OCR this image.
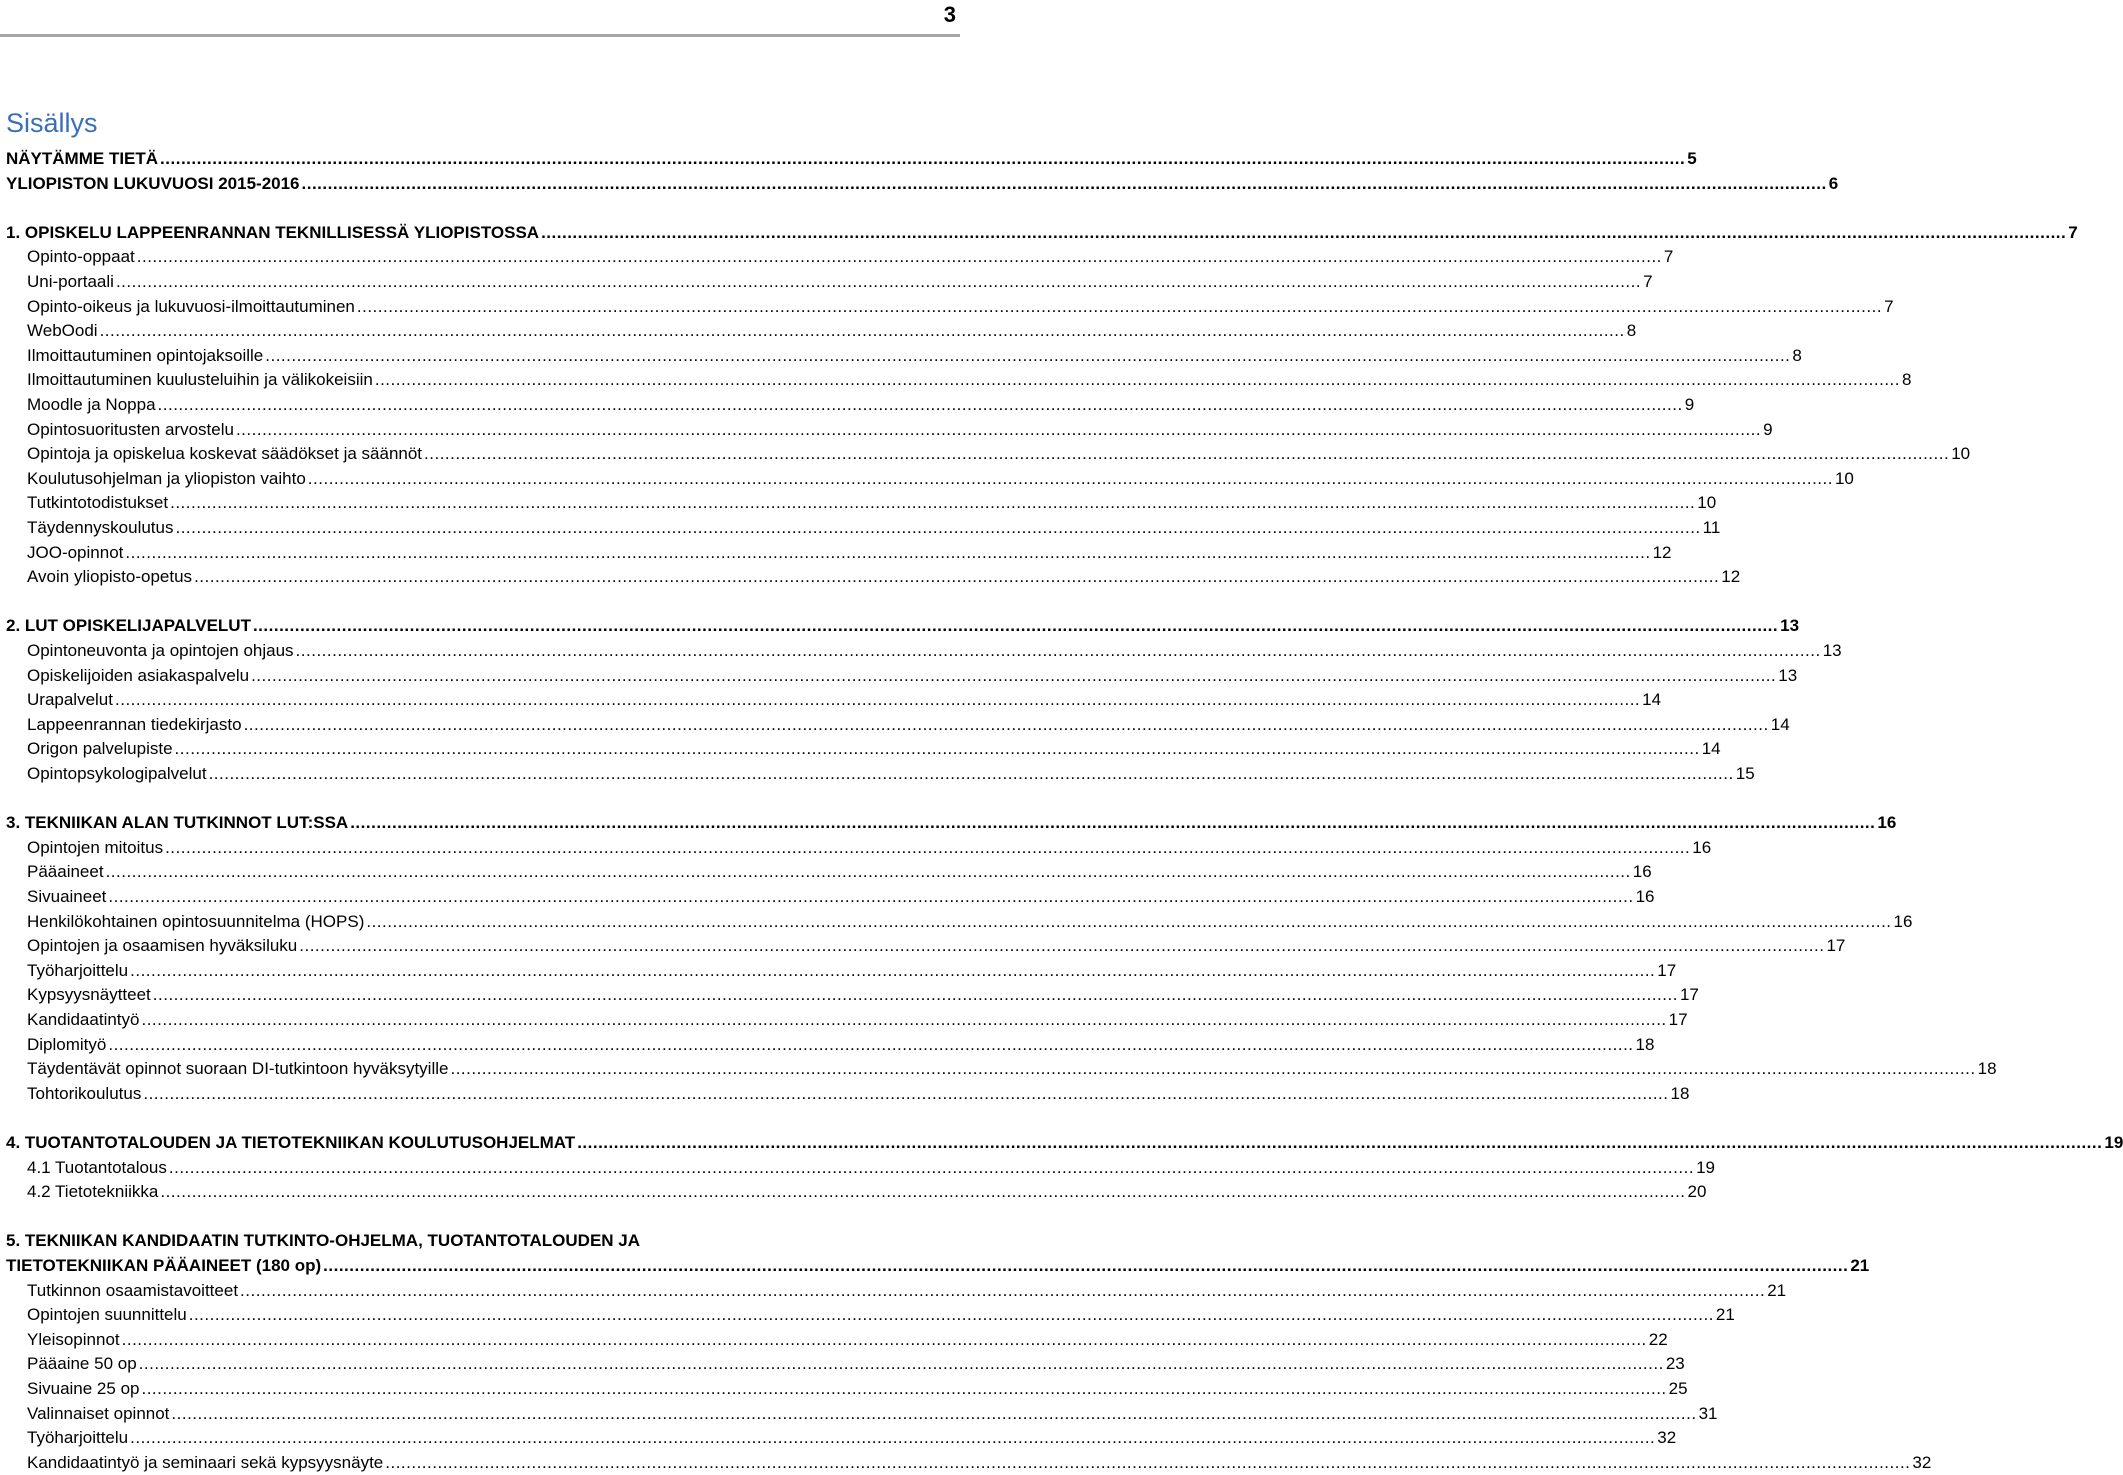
3
Sisällys
NÄYTÄMME TIETÄ .....	5
YLIOPISTON LUKUVUOSI 2015-2016 .....	6
1. OPISKELU LAPPEENRANNAN TEKNILLISESSÄ YLIOPISTOSSA .....	7
Opinto-oppaat .....	7
Uni-portaali .....	7
Opinto-oikeus ja lukuvuosi-ilmoittautuminen .....	7
WebOodi .....	8
Ilmoittautuminen opintojaksoille .....	8
Ilmoittautuminen kuulusteluihin ja välikokeisiin .....	8
Moodle ja Noppa .....	9
Opintosuoritusten arvostelu .....	9
Opintoja ja opiskelua koskevat säädökset ja säännöt .....	10
Koulutusohjelman ja yliopiston vaihto .....	10
Tutkintotodistukset .....	10
Täydennyskoulutus .....	11
JOO-opinnot .....	12
Avoin yliopisto-opetus .....	12
2. LUT OPISKELIJAPALVELUT .....	13
Opintoneuvonta ja opintojen ohjaus .....	13
Opiskelijoiden asiakaspalvelu .....	13
Urapalvelut .....	14
Lappeenrannan tiedekirjasto .....	14
Origon palvelupiste .....	14
Opintopsykologipalvelut .....	15
3. TEKNIIKAN ALAN TUTKINNOT LUT:SSA .....	16
Opintojen mitoitus .....	16
Pääaineet .....	16
Sivuaineet .....	16
Henkilökohtainen opintosuunnitelma (HOPS) .....	16
Opintojen ja osaamisen hyväksiluku .....	17
Työharjoittelu .....	17
Kypsyysnäytteet .....	17
Kandidaatintyö .....	17
Diplomityö .....	18
Täydentävät opinnot suoraan DI-tutkintoon hyväksytyille .....	18
Tohtorikoulutus .....	18
4. TUOTANTOTALOUDEN JA TIETOTEKNIIKAN KOULUTUSOHJELMAT .....	19
4.1 Tuotantotalous .....	19
4.2 Tietotekniikka .....	20
5. TEKNIIKAN KANDIDAATIN TUTKINTO-OHJELMA, TUOTANTOTALOUDEN JA
TIETOTEKNIIKAN PÄÄAINEET (180 op) .....	21
Tutkinnon osaamistavoitteet .....	21
Opintojen suunnittelu .....	21
Yleisopinnot .....	22
Pääaine 50 op .....	23
Sivuaine 25 op .....	25
Valinnaiset opinnot .....	31
Työharjoittelu .....	32
Kandidaatintyö ja seminaari sekä kypsyysnäyte .....	32
